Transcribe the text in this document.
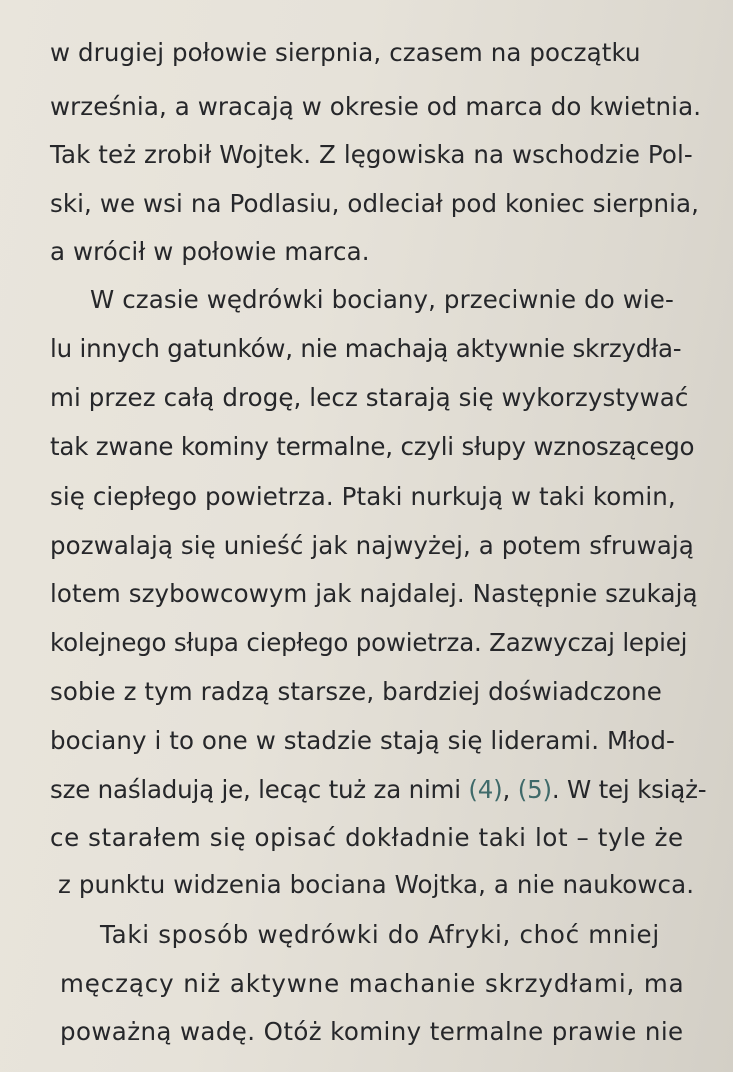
w drugiej połowie sierpnia, czasem na początku
września, a wracają w okresie od marca do kwietnia.
Tak też zrobił Wojtek. Z lęgowiska na wschodzie Pol-
ski, we wsi na Podlasiu, odleciał pod koniec sierpnia,
a wrócił w połowie marca.
W czasie wędrówki bociany, przeciwnie do wie-
lu innych gatunków, nie machają aktywnie skrzydła-
mi przez całą drogę, lecz starają się wykorzystywać
tak zwane kominy termalne, czyli słupy wznoszącego
się ciepłego powietrza. Ptaki nurkują w taki komin,
pozwalają się unieść jak najwyżej, a potem sfruwają
lotem szybowcowym jak najdalej. Następnie szukają
kolejnego słupa ciepłego powietrza. Zazwyczaj lepiej
sobie z tym radzą starsze, bardziej doświadczone
bociany i to one w stadzie stają się liderami. Młod-
sze naśladują je, lecąc tuż za nimi (4), (5). W tej książ-
ce starałem się opisać dokładnie taki lot – tyle że
z punktu widzenia bociana Wojtka, a nie naukowca.
Taki sposób wędrówki do Afryki, choć mniej
męczący niż aktywne machanie skrzydłami, ma
poważną wadę. Otóż kominy termalne prawie nie
